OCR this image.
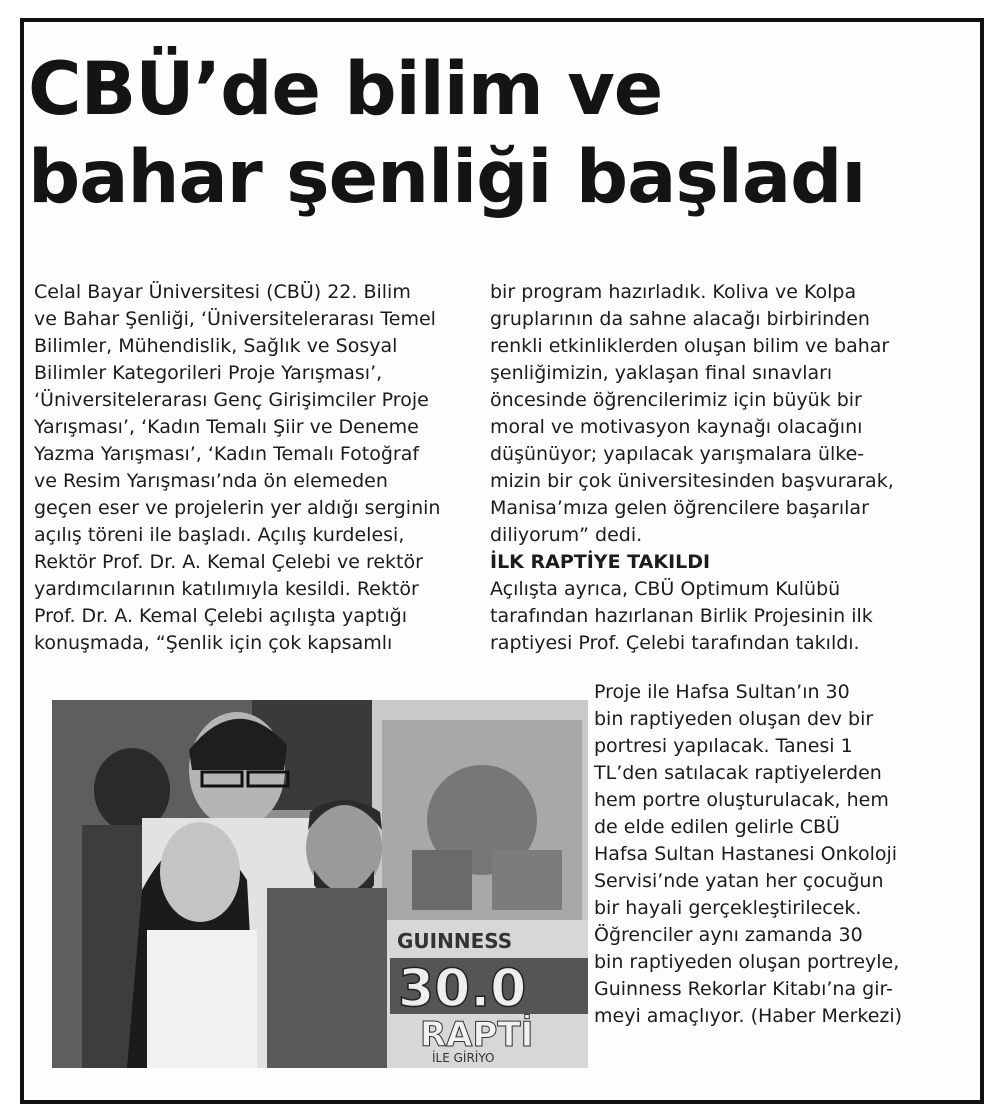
CBÜ’de bilim ve
bahar şenliği başladı

Celal Bayar Üniversitesi (CBÜ) 22. Bilim
ve Bahar Şenliği, ‘Üniversitelerarası Temel
Bilimler, Mühendislik, Sağlık ve Sosyal
Bilimler Kategorileri Proje Yarışması’,
‘Üniversitelerarası Genç Girişimciler Proje
Yarışması’, ‘Kadın Temalı Şiir ve Deneme
Yazma Yarışması’, ‘Kadın Temalı Fotoğraf
ve Resim Yarışması’nda ön elemeden
geçen eser ve projelerin yer aldığı serginin
açılış töreni ile başladı. Açılış kurdelesi,
Rektör Prof. Dr. A. Kemal Çelebi ve rektör
yardımcılarının katılımıyla kesildi. Rektör
Prof. Dr. A. Kemal Çelebi açılışta yaptığı
konuşmada, “Şenlik için çok kapsamlı

bir program hazırladık. Koliva ve Kolpa
gruplarının da sahne alacağı birbirinden
renkli etkinliklerden oluşan bilim ve bahar
şenliğimizin, yaklaşan final sınavları
öncesinde öğrencilerimiz için büyük bir
moral ve motivasyon kaynağı olacağını
düşünüyor; yapılacak yarışmalara ülke-
mizin bir çok üniversitesinden başvurarak,
Manisa’mıza gelen öğrencilere başarılar
diliyorum” dedi.

İLK RAPTİYE TAKILDI

Açılışta ayrıca, CBÜ Optimum Kulübü
tarafından hazırlanan Birlik Projesinin ilk
raptiyesi Prof. Çelebi tarafından takıldı.

Proje ile Hafsa Sultan’ın 30
bin raptiyeden oluşan dev bir
portresi yapılacak. Tanesi 1
TL’den satılacak raptiyelerden
hem portre oluşturulacak, hem
de elde edilen gelirle CBÜ
Hafsa Sultan Hastanesi Onkoloji
Servisi’nde yatan her çocuğun
bir hayali gerçekleştirilecek.
Öğrenciler aynı zamanda 30
bin raptiyeden oluşan portreyle,
Guinness Rekorlar Kitabı’na gir-
meyi amaçlıyor. (Haber Merkezi)

GUINNESS
30.0
RAPTİ
İLE GİRİYO
